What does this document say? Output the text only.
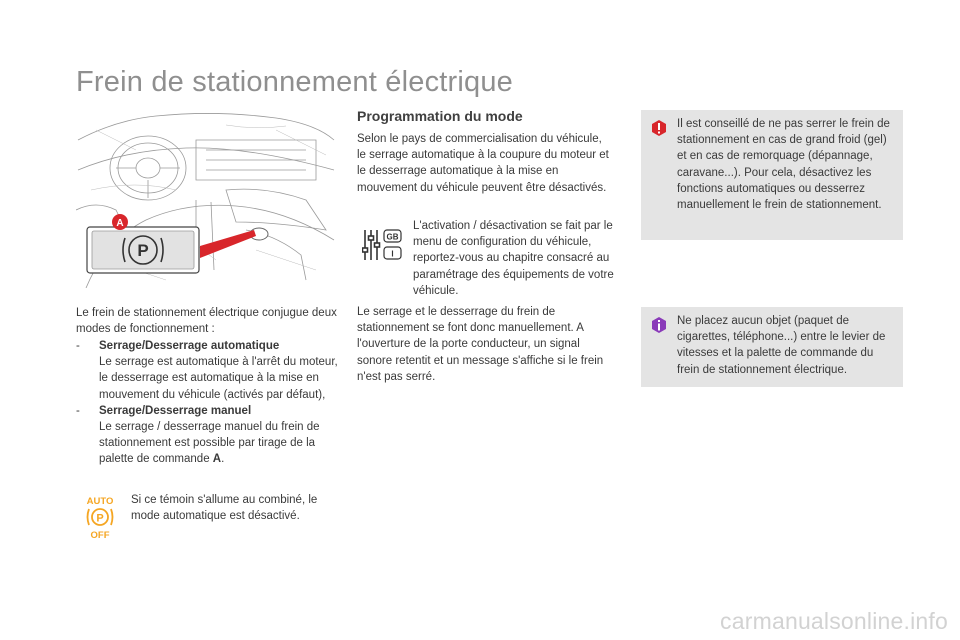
Frein de stationnement électrique
P
A

Le frein de stationnement électrique conjugue deux modes de fonctionnement :

-	Serrage/Desserrage automatique
Le serrage est automatique à l'arrêt du moteur, le desserrage est automatique à la mise en mouvement du véhicule (activés par défaut),
-	Serrage/Desserrage manuel
Le serrage / desserrage manuel du frein de stationnement est possible par tirage de la palette de commande A.
AUTO
P
OFF

Si ce témoin s'allume au combiné, le mode automatique est désactivé.

Programmation du mode

Selon le pays de commercialisation du véhicule, le serrage automatique à la coupure du moteur et le desserrage automatique à la mise en mouvement du véhicule peuvent être désactivés.

GB
I

L'activation / désactivation se fait par le menu de configuration du véhicule, reportez-vous au chapitre consacré au paramétrage des équipements de votre véhicule.

Le serrage et le desserrage du frein de stationnement se font donc manuellement. A l'ouverture de la porte conducteur, un signal sonore retentit et un message s'affiche si le frein n'est pas serré.

Il est conseillé de ne pas serrer le frein de stationnement en cas de grand froid (gel) et en cas de remorquage (dépannage, caravane...). Pour cela, désactivez les fonctions automatiques ou desserrez manuellement le frein de stationnement.

Ne placez aucun objet (paquet de cigarettes, téléphone...) entre le levier de vitesses et la palette de commande du frein de stationnement électrique.

carmanualsonline.info
